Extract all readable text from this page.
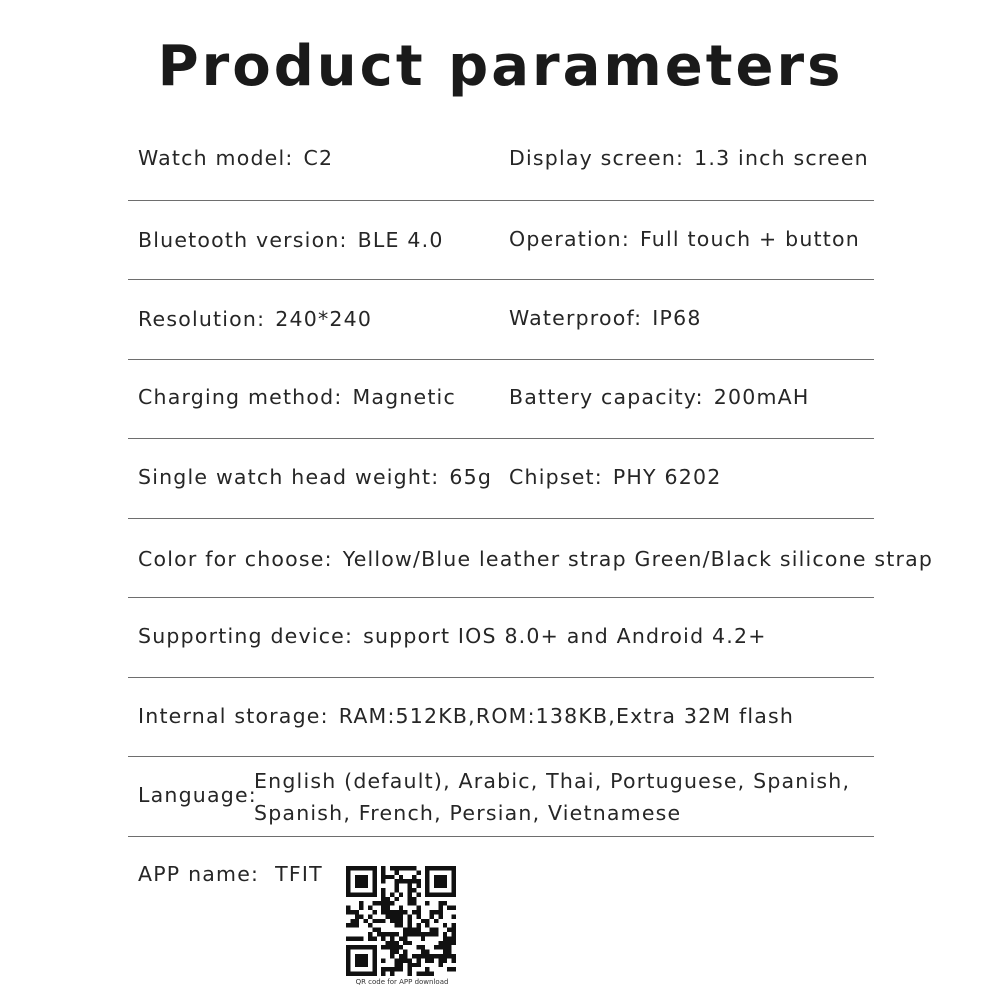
Product parameters
Watch model: C2	Display screen: 1.3 inch screen
Bluetooth version: BLE 4.0	Operation: Full touch + button
Resolution: 240*240	Waterproof: IP68
Charging method: Magnetic	Battery capacity: 200mAH
Single watch head weight: 65g Chipset: PHY 6202
Color for choose: Yellow/Blue leather strap Green/Black silicone strap
Supporting device: support IOS 8.0+ and Android 4.2+
Internal storage: RAM:512KB,ROM:138KB,Extra 32M flash
Language:
English (default), Arabic, Thai, Portuguese, Spanish,
Spanish, French, Persian, Vietnamese
APP name: TFIT
QR code for APP download
